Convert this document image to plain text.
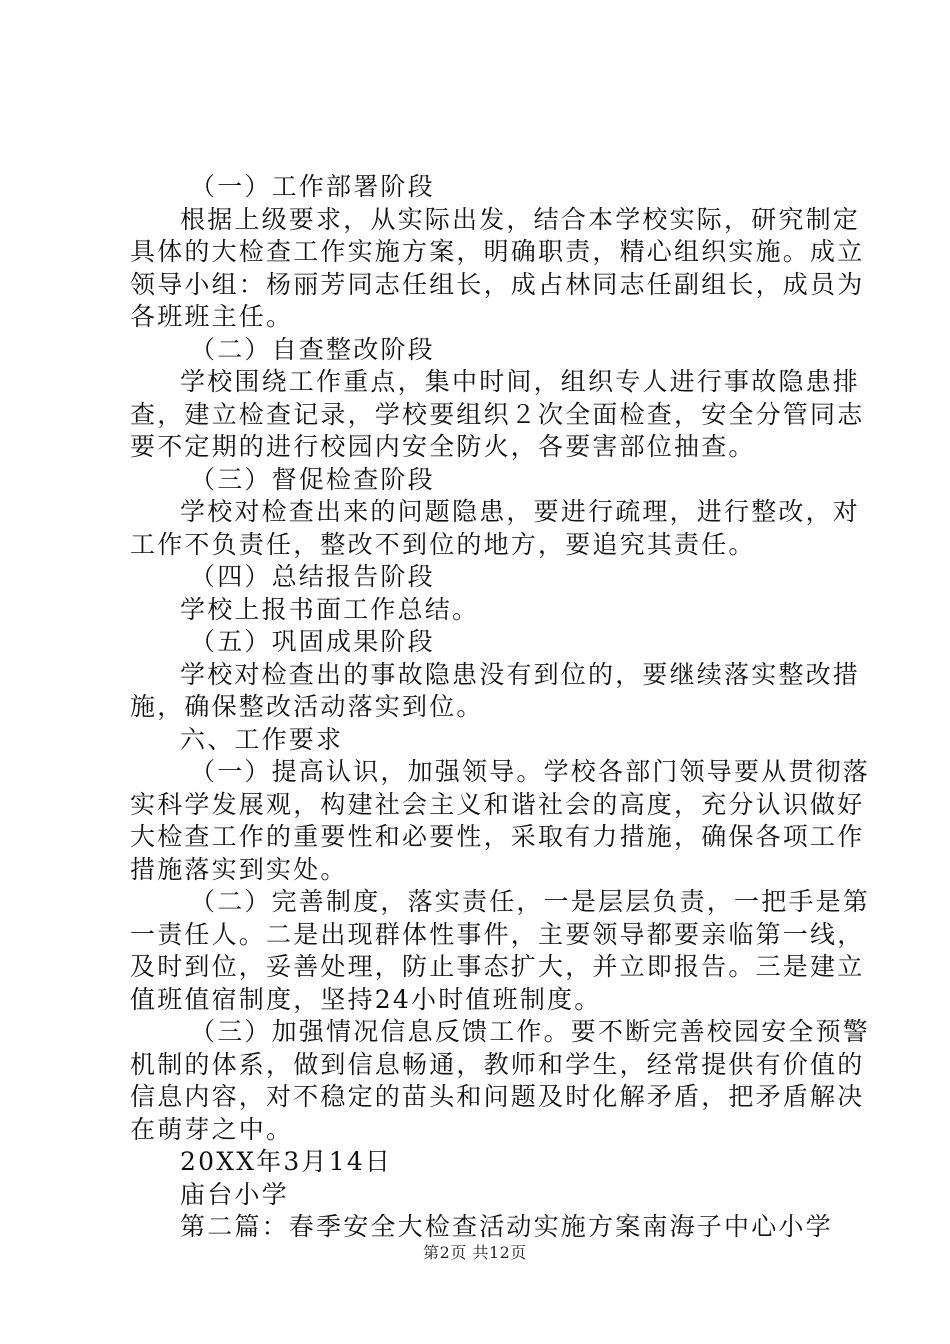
（一）工作部署阶段
根据上级要求，从实际出发，结合本学校实际，研究制定
具体的大检查工作实施方案，明确职责，精心组织实施。成立
领导小组：杨丽芳同志任组长，成占林同志任副组长，成员为
各班班主任。
（二）自查整改阶段
学校围绕工作重点，集中时间，组织专人进行事故隐患排
查，建立检查记录，学校要组织２次全面检查，安全分管同志
要不定期的进行校园内安全防火，各要害部位抽查。
（三）督促检查阶段
学校对检查出来的问题隐患，要进行疏理，进行整改，对
工作不负责任，整改不到位的地方，要追究其责任。
（四）总结报告阶段
学校上报书面工作总结。
（五）巩固成果阶段
学校对检查出的事故隐患没有到位的，要继续落实整改措
施，确保整改活动落实到位。
六、工作要求
（一）提高认识，加强领导。学校各部门领导要从贯彻落
实科学发展观，构建社会主义和谐社会的高度，充分认识做好
大检查工作的重要性和必要性，采取有力措施，确保各项工作
措施落实到实处。
（二）完善制度，落实责任，一是层层负责，一把手是第
一责任人。二是出现群体性事件，主要领导都要亲临第一线，
及时到位，妥善处理，防止事态扩大，并立即报告。三是建立
值班值宿制度，坚持24小时值班制度。
（三）加强情况信息反馈工作。要不断完善校园安全预警
机制的体系，做到信息畅通，教师和学生，经常提供有价值的
信息内容，对不稳定的苗头和问题及时化解矛盾，把矛盾解决
在萌芽之中。
20XX年3月14日
庙台小学
第二篇：春季安全大检查活动实施方案南海子中心小学
第2页 共12页
